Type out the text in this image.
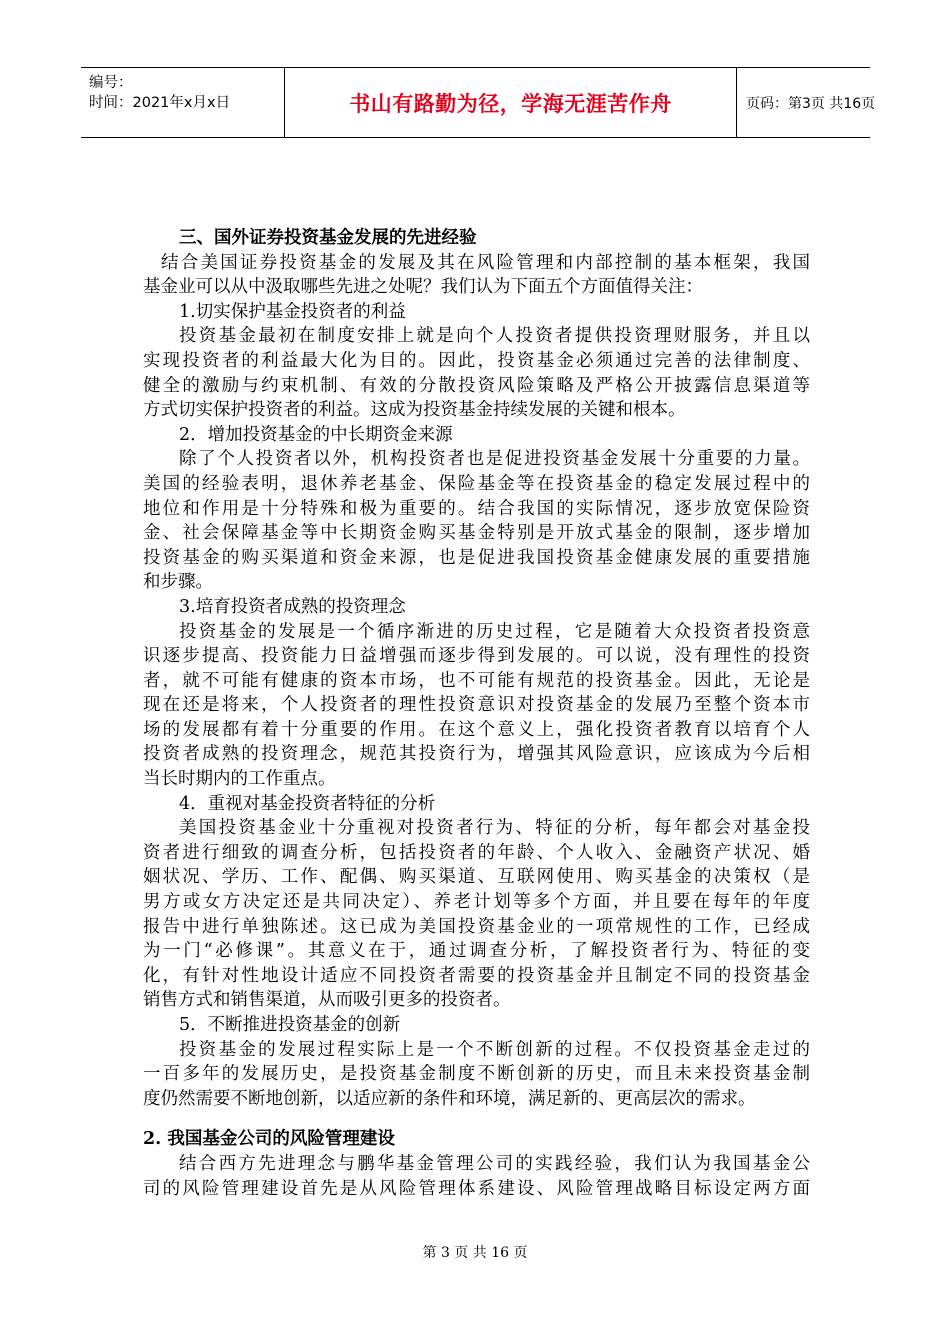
编号：
时间：2021年x月x日	书山有路勤为径，学海无涯苦作舟	页码：第3页 共16页
三、国外证券投资基金发展的先进经验
结合美国证券投资基金的发展及其在风险管理和内部控制的基本框架，我国
基金业可以从中汲取哪些先进之处呢？我们认为下面五个方面值得关注：
1.切实保护基金投资者的利益
投资基金最初在制度安排上就是向个人投资者提供投资理财服务，并且以
实现投资者的利益最大化为目的。因此，投资基金必须通过完善的法律制度、
健全的激励与约束机制、有效的分散投资风险策略及严格公开披露信息渠道等
方式切实保护投资者的利益。这成为投资基金持续发展的关键和根本。
2．增加投资基金的中长期资金来源
除了个人投资者以外，机构投资者也是促进投资基金发展十分重要的力量。
美国的经验表明，退休养老基金、保险基金等在投资基金的稳定发展过程中的
地位和作用是十分特殊和极为重要的。结合我国的实际情况，逐步放宽保险资
金、社会保障基金等中长期资金购买基金特别是开放式基金的限制，逐步增加
投资基金的购买渠道和资金来源，也是促进我国投资基金健康发展的重要措施
和步骤。
3.培育投资者成熟的投资理念
投资基金的发展是一个循序渐进的历史过程，它是随着大众投资者投资意
识逐步提高、投资能力日益增强而逐步得到发展的。可以说，没有理性的投资
者，就不可能有健康的资本市场，也不可能有规范的投资基金。因此，无论是
现在还是将来，个人投资者的理性投资意识对投资基金的发展乃至整个资本市
场的发展都有着十分重要的作用。在这个意义上，强化投资者教育以培育个人
投资者成熟的投资理念，规范其投资行为，增强其风险意识，应该成为今后相
当长时期内的工作重点。
4．重视对基金投资者特征的分析
美国投资基金业十分重视对投资者行为、特征的分析，每年都会对基金投
资者进行细致的调查分析，包括投资者的年龄、个人收入、金融资产状况、婚
姻状况、学历、工作、配偶、购买渠道、互联网使用、购买基金的决策权（是
男方或女方决定还是共同决定）、养老计划等多个方面，并且要在每年的年度
报告中进行单独陈述。这已成为美国投资基金业的一项常规性的工作，已经成
为一门“必修课”。其意义在于，通过调查分析，了解投资者行为、特征的变
化，有针对性地设计适应不同投资者需要的投资基金并且制定不同的投资基金
销售方式和销售渠道，从而吸引更多的投资者。
5．不断推进投资基金的创新
投资基金的发展过程实际上是一个不断创新的过程。不仅投资基金走过的
一百多年的发展历史，是投资基金制度不断创新的历史，而且未来投资基金制
度仍然需要不断地创新，以适应新的条件和环境，满足新的、更高层次的需求。
2. 我国基金公司的风险管理建设
结合西方先进理念与鹏华基金管理公司的实践经验，我们认为我国基金公
司的风险管理建设首先是从风险管理体系建设、风险管理战略目标设定两方面
第 3 页 共 16 页
